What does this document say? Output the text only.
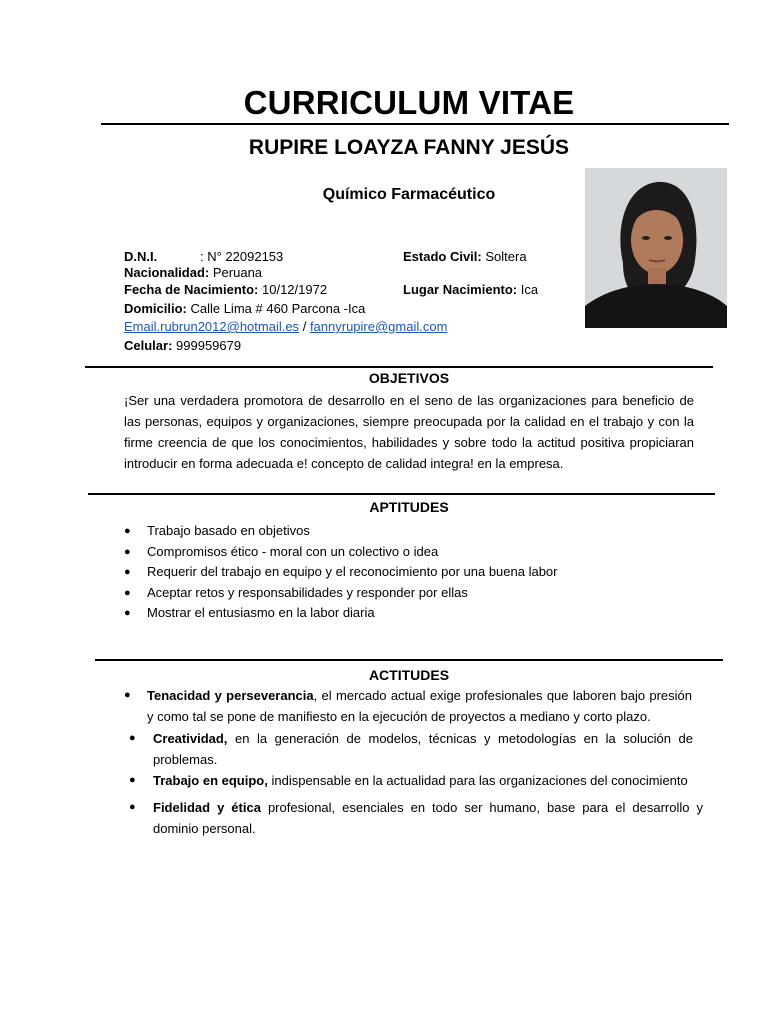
CURRICULUM VITAE
RUPIRE LOAYZA FANNY JESÚS
Químico Farmacéutico
D.N.I.	: N° 22092153	Estado Civil: Soltera
Nacionalidad: Peruana
Fecha de Nacimiento: 10/12/1972	Lugar Nacimiento: Ica
Domicilio: Calle Lima # 460 Parcona -Ica
Email.rubrun2012@hotmail.es / fannyrupire@gmail.com
Celular: 999959679
OBJETIVOS
¡Ser una verdadera promotora de desarrollo en el seno de las organizaciones para beneficio de las personas, equipos y organizaciones, siempre preocupada por la calidad en el trabajo y con la firme creencia de que los conocimientos, habilidades y sobre todo la actitud positiva propiciaran introducir en forma adecuada e! concepto de calidad integra! en la empresa.
APTITUDES
● Trabajo basado en objetivos
● Compromisos ético - moral con un colectivo o idea
● Requerir del trabajo en equipo y el reconocimiento por una buena labor
● Aceptar retos y responsabilidades y responder por ellas
● Mostrar el entusiasmo en la labor diaria
ACTITUDES
● Tenacidad y perseverancia, el mercado actual exige profesionales que laboren bajo presión y como tal se pone de manifiesto en la ejecución de proyectos a mediano y corto plazo.
● Creatividad, en la generación de modelos, técnicas y metodologías en la solución de problemas.
● Trabajo en equipo, indispensable en la actualidad para las organizaciones del conocimiento
● Fidelidad y ética profesional, esenciales en todo ser humano, base para el desarrollo y dominio personal.
